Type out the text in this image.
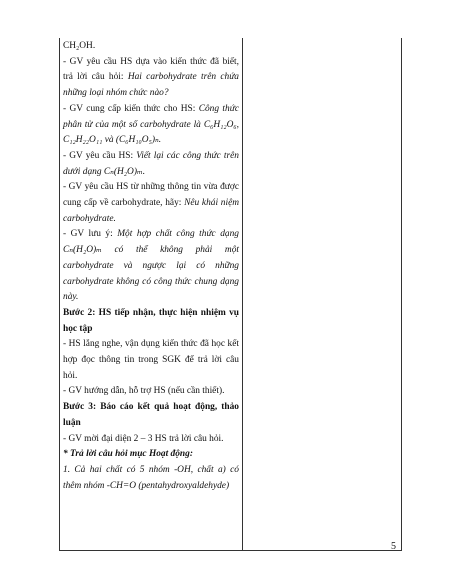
CH₂OH.

- GV yêu cầu HS dựa vào kiến thức đã biết, trả lời câu hỏi: Hai carbohydrate trên chứa những loại nhóm chức nào?

- GV cung cấp kiến thức cho HS: Công thức phân tử của một số carbohydrate là C₆H₁₂O₆, C₁₂H₂₂O₁₁ và (C₆H₁₀O₅)ₙ.

- GV yêu cầu HS: Viết lại các công thức trên dưới dạng Cₙ(H₂O)ₘ.

- GV yêu cầu HS từ những thông tin vừa được cung cấp về carbohydrate, hãy: Nêu khái niệm carbohydrate.

- GV lưu ý: Một hợp chất công thức dạng Cₙ(H₂O)ₘ có thể không phải một carbohydrate và ngược lại có những carbohydrate không có công thức chung dạng này.

Bước 2: HS tiếp nhận, thực hiện nhiệm vụ học tập

- HS lắng nghe, vận dụng kiến thức đã học kết hợp đọc thông tin trong SGK để trả lời câu hỏi.

- GV hướng dẫn, hỗ trợ HS (nếu cần thiết).

Bước 3: Báo cáo kết quả hoạt động, thảo luận

- GV mời đại diện 2 – 3 HS trả lời câu hỏi.

* Trả lời câu hỏi mục Hoạt động:

1. Cả hai chất có 5 nhóm -OH, chất a) có thêm nhóm -CH=O (pentahydroxyaldehyde)

5
